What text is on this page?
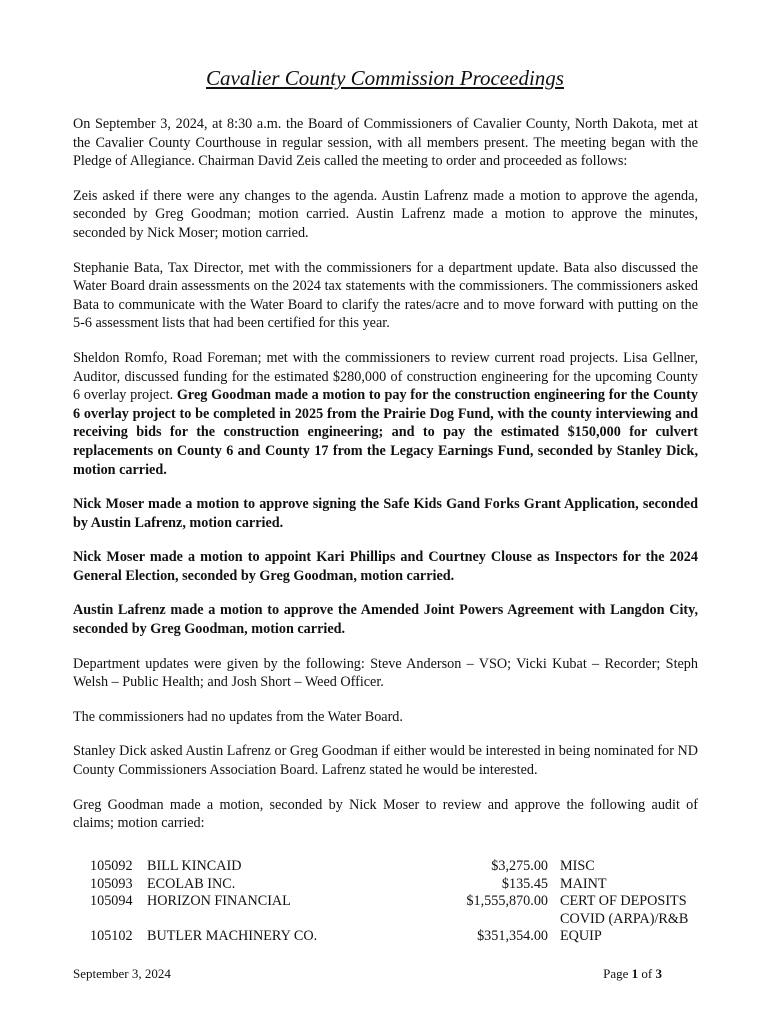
Cavalier County Commission Proceedings

On September 3, 2024, at 8:30 a.m. the Board of Commissioners of Cavalier County, North Dakota, met at the Cavalier County Courthouse in regular session, with all members present. The meeting began with the Pledge of Allegiance. Chairman David Zeis called the meeting to order and proceeded as follows:

Zeis asked if there were any changes to the agenda. Austin Lafrenz made a motion to approve the agenda, seconded by Greg Goodman; motion carried. Austin Lafrenz made a motion to approve the minutes, seconded by Nick Moser; motion carried.

Stephanie Bata, Tax Director, met with the commissioners for a department update. Bata also discussed the Water Board drain assessments on the 2024 tax statements with the commissioners. The commissioners asked Bata to communicate with the Water Board to clarify the rates/acre and to move forward with putting on the 5-6 assessment lists that had been certified for this year.

Sheldon Romfo, Road Foreman; met with the commissioners to review current road projects. Lisa Gellner, Auditor, discussed funding for the estimated $280,000 of construction engineering for the upcoming County 6 overlay project. Greg Goodman made a motion to pay for the construction engineering for the County 6 overlay project to be completed in 2025 from the Prairie Dog Fund, with the county interviewing and receiving bids for the construction engineering; and to pay the estimated $150,000 for culvert replacements on County 6 and County 17 from the Legacy Earnings Fund, seconded by Stanley Dick, motion carried.

Nick Moser made a motion to approve signing the Safe Kids Gand Forks Grant Application, seconded by Austin Lafrenz, motion carried.

Nick Moser made a motion to appoint Kari Phillips and Courtney Clouse as Inspectors for the 2024 General Election, seconded by Greg Goodman, motion carried.

Austin Lafrenz made a motion to approve the Amended Joint Powers Agreement with Langdon City, seconded by Greg Goodman, motion carried.

Department updates were given by the following: Steve Anderson – VSO; Vicki Kubat – Recorder; Steph Welsh – Public Health; and Josh Short – Weed Officer.

The commissioners had no updates from the Water Board.

Stanley Dick asked Austin Lafrenz or Greg Goodman if either would be interested in being nominated for ND County Commissioners Association Board. Lafrenz stated he would be interested.

Greg Goodman made a motion, seconded by Nick Moser to review and approve the following audit of claims; motion carried:

105092	BILL KINCAID	$3,275.00	MISC
105093	ECOLAB INC.	$135.45	MAINT
105094	HORIZON FINANCIAL	$1,555,870.00	CERT OF DEPOSITS
COVID (ARPA)/R&B
105102	BUTLER MACHINERY CO.	$351,354.00	EQUIP
September 3, 2024	Page 1 of 3
